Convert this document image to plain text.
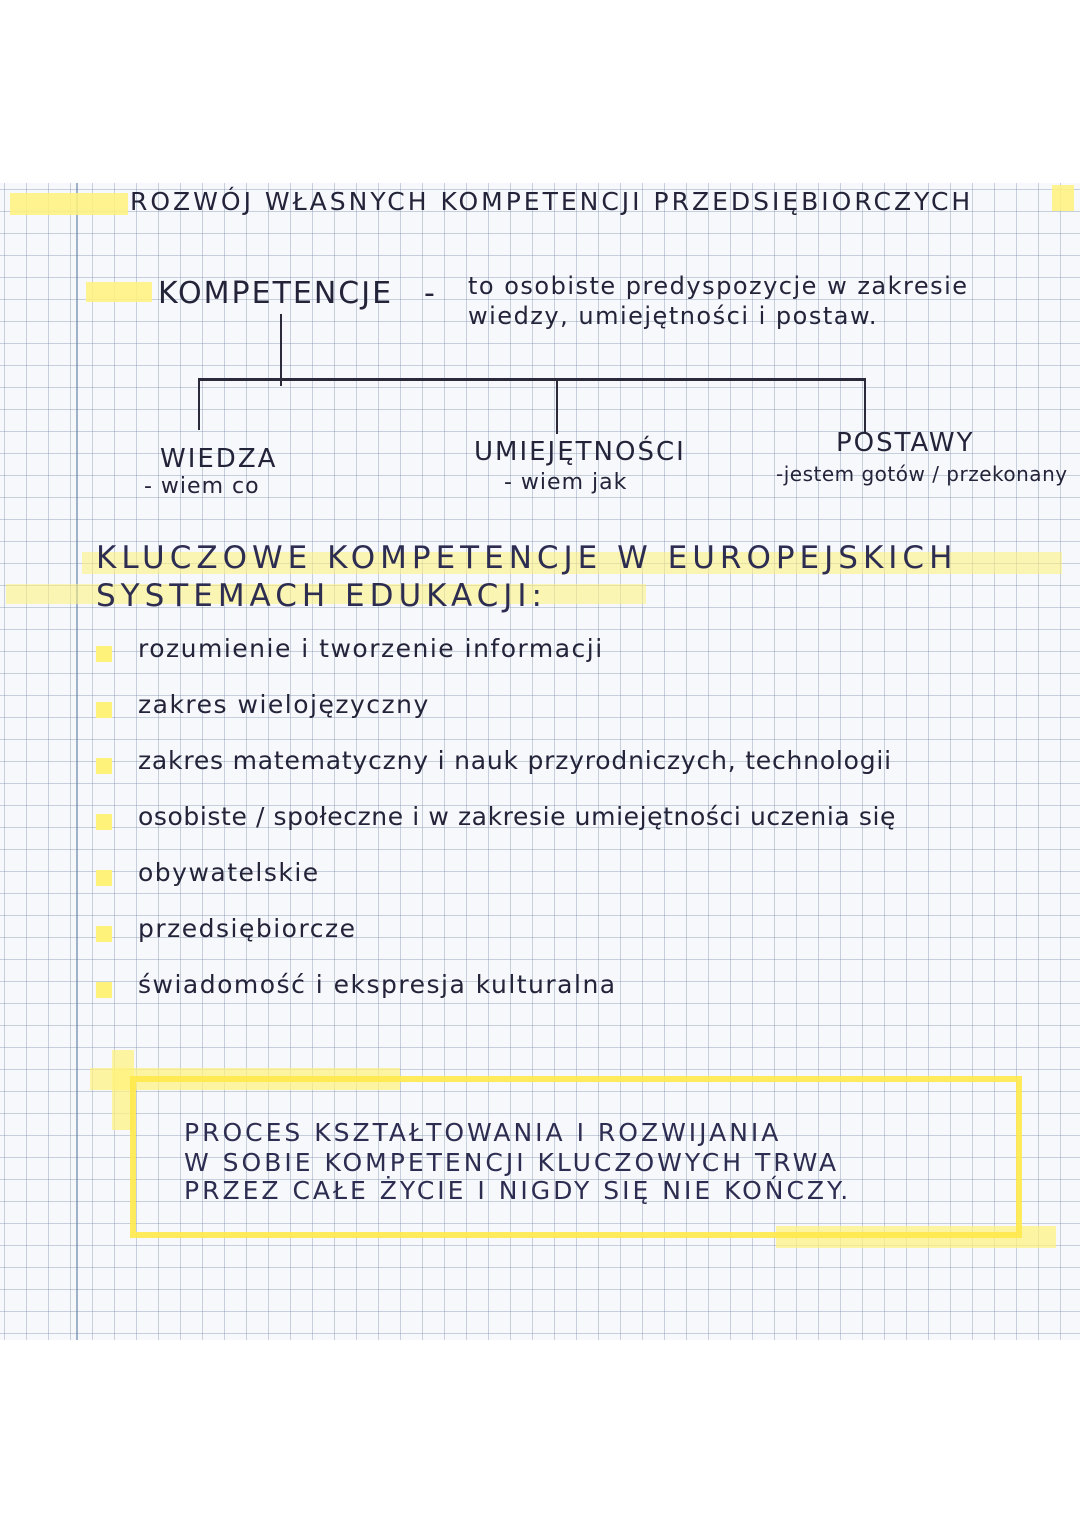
ROZWÓJ WŁASNYCH KOMPETENCJI PRZEDSIĘBIORCZYCH
KOMPETENCJE - to osobiste predyspozycje w zakresie
wiedzy, umiejętności i postaw.
WIEDZA
- wiem co
UMIEJĘTNOŚCI
- wiem jak
POSTAWY
-jestem gotów / przekonany
KLUCZOWE KOMPETENCJE W EUROPEJSKICH
SYSTEMACH EDUKACJI:
rozumienie i tworzenie informacji
zakres wielojęzyczny
zakres matematyczny i nauk przyrodniczych, technologii
osobiste / społeczne i w zakresie umiejętności uczenia się
obywatelskie
przedsiębiorcze
świadomość i ekspresja kulturalna
PROCES KSZTAŁTOWANIA I ROZWIJANIA
W SOBIE KOMPETENCJI KLUCZOWYCH TRWA
PRZEZ CAŁE ŻYCIE I NIGDY SIĘ NIE KOŃCZY.
